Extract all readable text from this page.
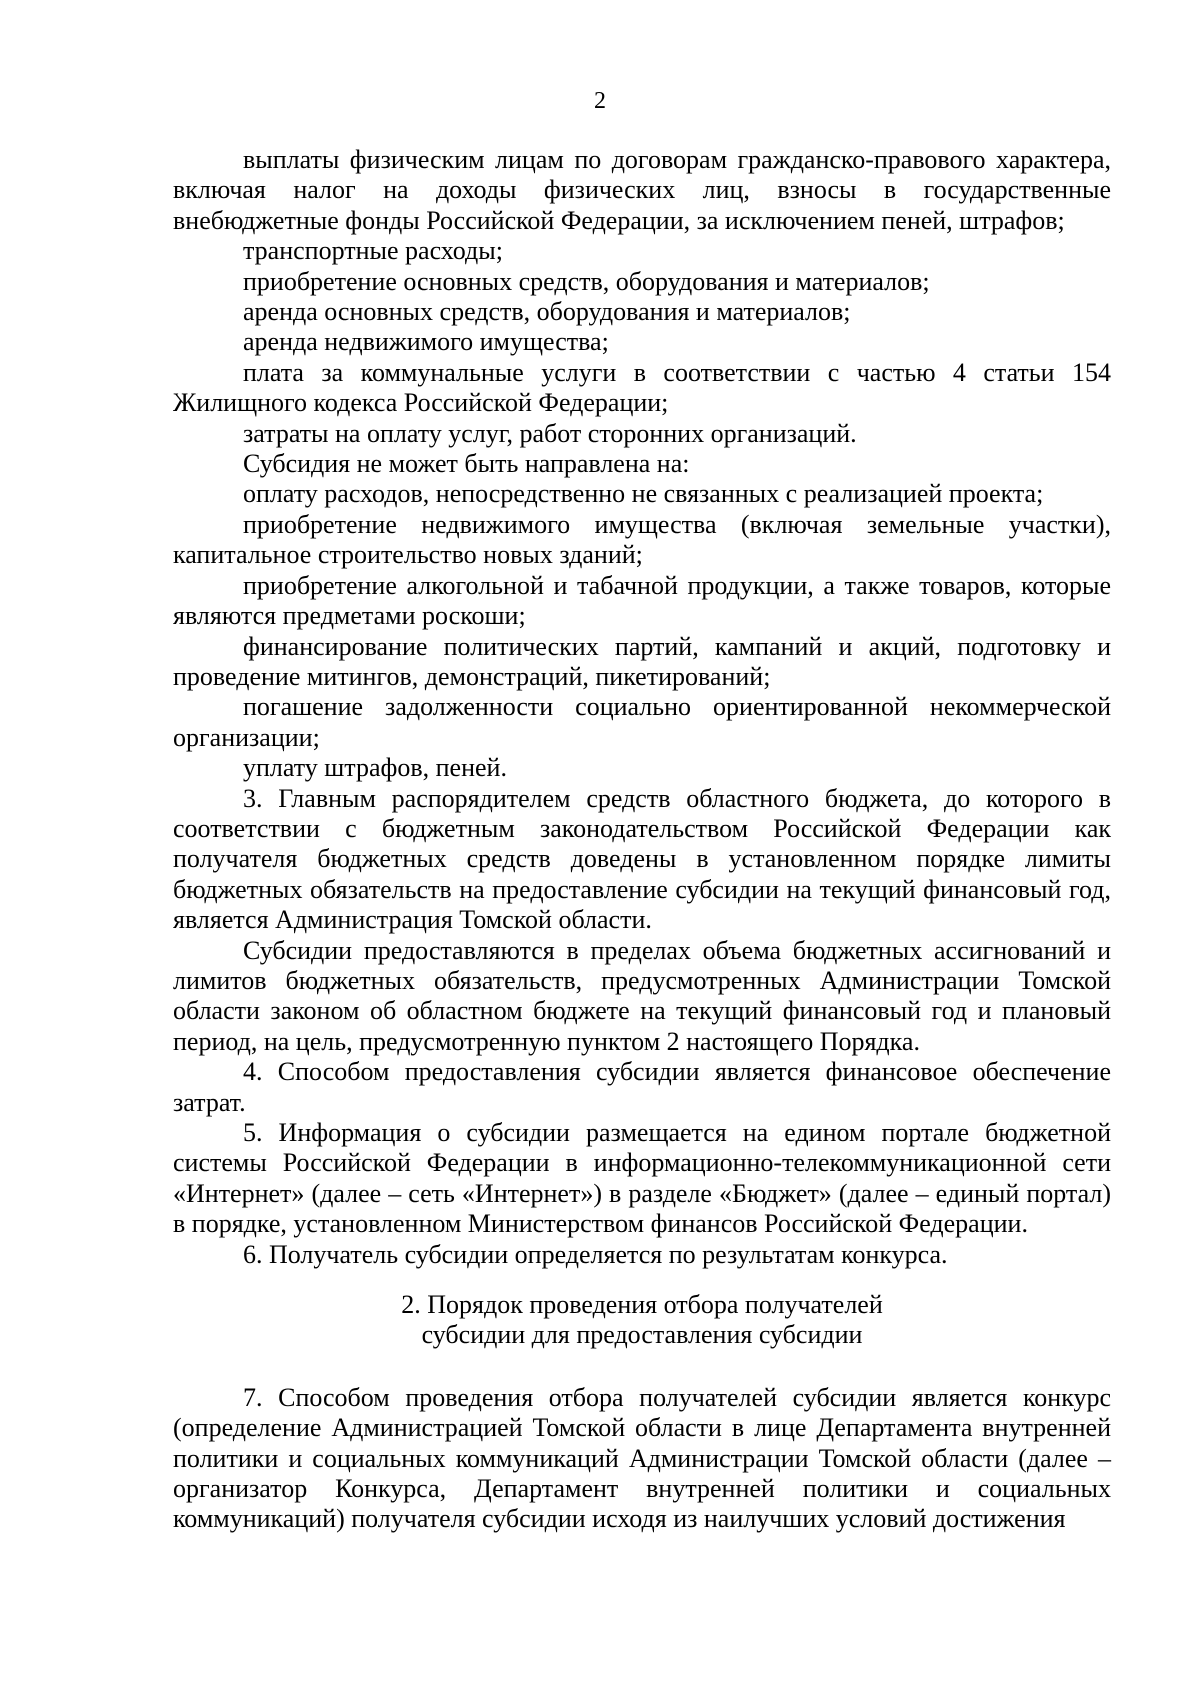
2

выплаты физическим лицам по договорам гражданско-правового характера, включая налог на доходы физических лиц, взносы в государственные внебюджетные фонды Российской Федерации, за исключением пеней, штрафов;

транспортные расходы;

приобретение основных средств, оборудования и материалов;

аренда основных средств, оборудования и материалов;

аренда недвижимого имущества;

плата за коммунальные услуги в соответствии с частью 4 статьи 154 Жилищного кодекса Российской Федерации;

затраты на оплату услуг, работ сторонних организаций.

Субсидия не может быть направлена на:

оплату расходов, непосредственно не связанных с реализацией проекта;

приобретение недвижимого имущества (включая земельные участки), капитальное строительство новых зданий;

приобретение алкогольной и табачной продукции, а также товаров, которые являются предметами роскоши;

финансирование политических партий, кампаний и акций, подготовку и проведение митингов, демонстраций, пикетирований;

погашение задолженности социально ориентированной некоммерческой организации;

уплату штрафов, пеней.

3. Главным распорядителем средств областного бюджета, до которого в соответствии с бюджетным законодательством Российской Федерации как получателя бюджетных средств доведены в установленном порядке лимиты бюджетных обязательств на предоставление субсидии на текущий финансовый год, является Администрация Томской области.

Субсидии предоставляются в пределах объема бюджетных ассигнований и лимитов бюджетных обязательств, предусмотренных Администрации Томской области законом об областном бюджете на текущий финансовый год и плановый период, на цель, предусмотренную пунктом 2 настоящего Порядка.

4. Способом предоставления субсидии является финансовое обеспечение затрат.

5. Информация о субсидии размещается на едином портале бюджетной системы Российской Федерации в информационно-телекоммуникационной сети «Интернет» (далее – сеть «Интернет») в разделе «Бюджет» (далее – единый портал) в порядке, установленном Министерством финансов Российской Федерации.

6. Получатель субсидии определяется по результатам конкурса.

2. Порядок проведения отбора получателей
субсидии для предоставления субсидии

7. Способом проведения отбора получателей субсидии является конкурс (определение Администрацией Томской области в лице Департамента внутренней политики и социальных коммуникаций Администрации Томской области (далее – организатор Конкурса, Департамент внутренней политики и социальных коммуникаций) получателя субсидии исходя из наилучших условий достижения
